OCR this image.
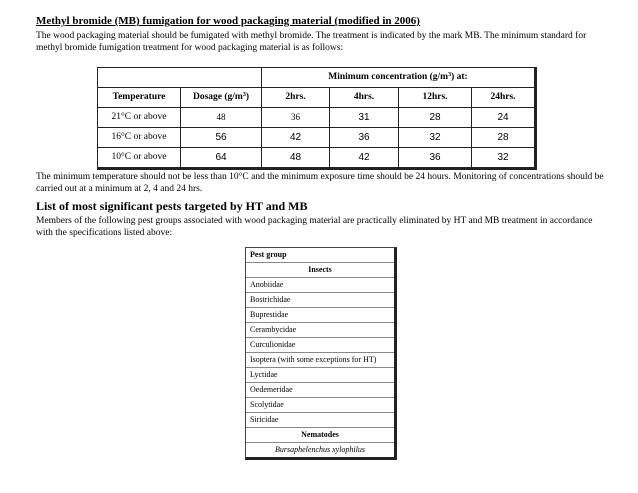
Methyl bromide (MB) fumigation for wood packaging material (modified in 2006)
The wood packaging material should be fumigated with methyl bromide. The treatment is indicated by the mark MB. The minimum standard for methyl bromide fumigation treatment for wood packaging material is as follows:
		Minimum concentration $(g/m^3)$ at:			
Temperature	Dosage $(g/m^3)$	2hrs.	4hrs.	12hrs.	24hrs.
21°C or above	48	36	31	28	24
16°C or above	56	42	36	32	28
10°C or above	64	48	42	36	32
The minimum temperature should not be less than 10°C and the minimum exposure time should be 24 hours. Monitoring of concentrations should be carried out at a minimum at 2, 4 and 24 hrs.
List of most significant pests targeted by HT and MB
Members of the following pest groups associated with wood packaging material are practically eliminated by HT and MB treatment in accordance with the specifications listed above:
Pest group
Insects
Anobiidae
Bostrichidae
Buprestidae
Cerambycidae
Curculionidae
Isoptera (with some exceptions for HT)
Lyctidae
Oedemeridae
Scolytidae
Siricidae
Nematodes
Bursaphelenchus xylophilus
